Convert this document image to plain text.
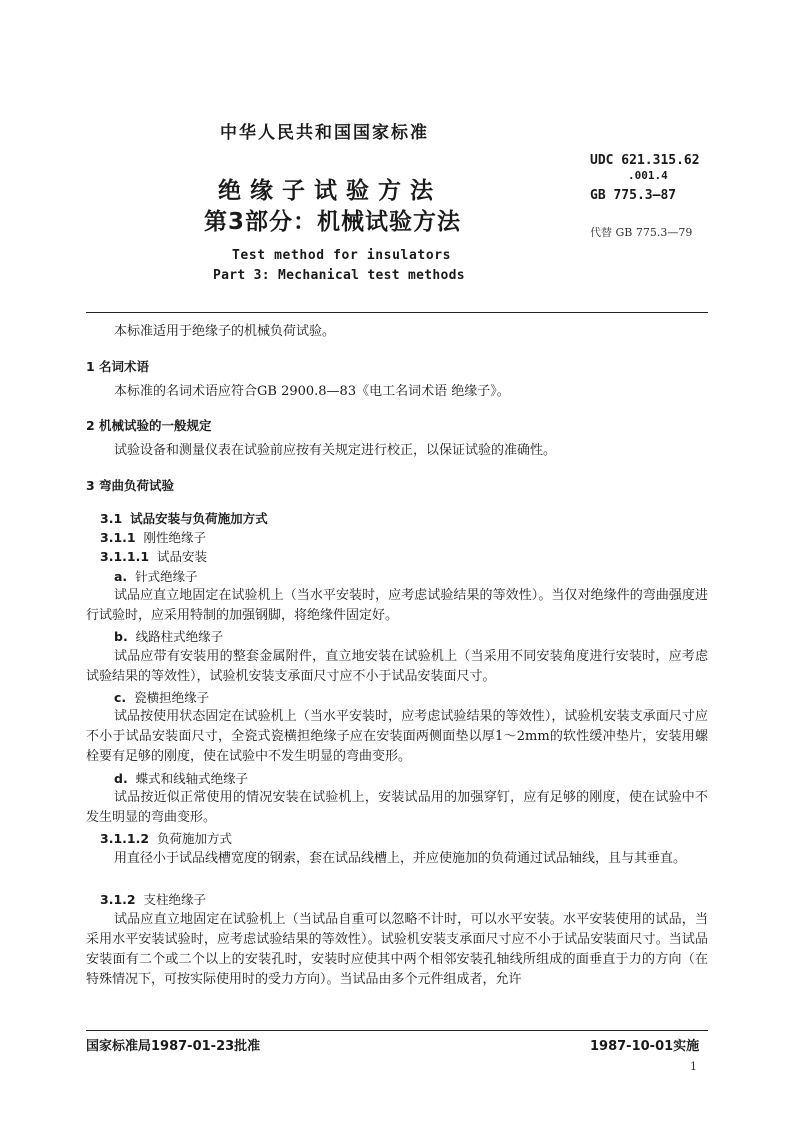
中华人民共和国国家标准
绝缘子试验方法
第3部分：机械试验方法
Test method for insulators
Part 3: Mechanical test methods
UDC 621.315.62
.001.4
GB 775.3—87
代替 GB 775.3—79
本标准适用于绝缘子的机械负荷试验。
1 名词术语
本标准的名词术语应符合GB 2900.8—83《电工名词术语 绝缘子》。
2 机械试验的一般规定
试验设备和测量仪表在试验前应按有关规定进行校正，以保证试验的准确性。
3 弯曲负荷试验
3.1 试品安装与负荷施加方式
3.1.1 刚性绝缘子
3.1.1.1 试品安装
a. 针式绝缘子
试品应直立地固定在试验机上（当水平安装时，应考虑试验结果的等效性）。当仅对绝缘件的弯曲强度进行试验时，应采用特制的加强钢脚，将绝缘件固定好。
b. 线路柱式绝缘子
试品应带有安装用的整套金属附件，直立地安装在试验机上（当采用不同安装角度进行安装时，应考虑试验结果的等效性），试验机安装支承面尺寸应不小于试品安装面尺寸。
c. 瓷横担绝缘子
试品按使用状态固定在试验机上（当水平安装时，应考虑试验结果的等效性），试验机安装支承面尺寸应不小于试品安装面尺寸，全瓷式瓷横担绝缘子应在安装面两侧面垫以厚1～2mm的软性缓冲垫片，安装用螺栓要有足够的刚度，使在试验中不发生明显的弯曲变形。
d. 蝶式和线轴式绝缘子
试品按近似正常使用的情况安装在试验机上，安装试品用的加强穿钉，应有足够的刚度，使在试验中不发生明显的弯曲变形。
3.1.1.2 负荷施加方式
用直径小于试品线槽宽度的钢索，套在试品线槽上，并应使施加的负荷通过试品轴线，且与其垂直。
3.1.2 支柱绝缘子
试品应直立地固定在试验机上（当试品自重可以忽略不计时，可以水平安装。水平安装使用的试品，当采用水平安装试验时，应考虑试验结果的等效性）。试验机安装支承面尺寸应不小于试品安装面尺寸。当试品安装面有二个或二个以上的安装孔时，安装时应使其中两个相邻安装孔轴线所组成的面垂直于力的方向（在特殊情况下，可按实际使用时的受力方向）。当试品由多个元件组成者，允许
国家标准局1987-01-23批准	1987-10-01实施
1
